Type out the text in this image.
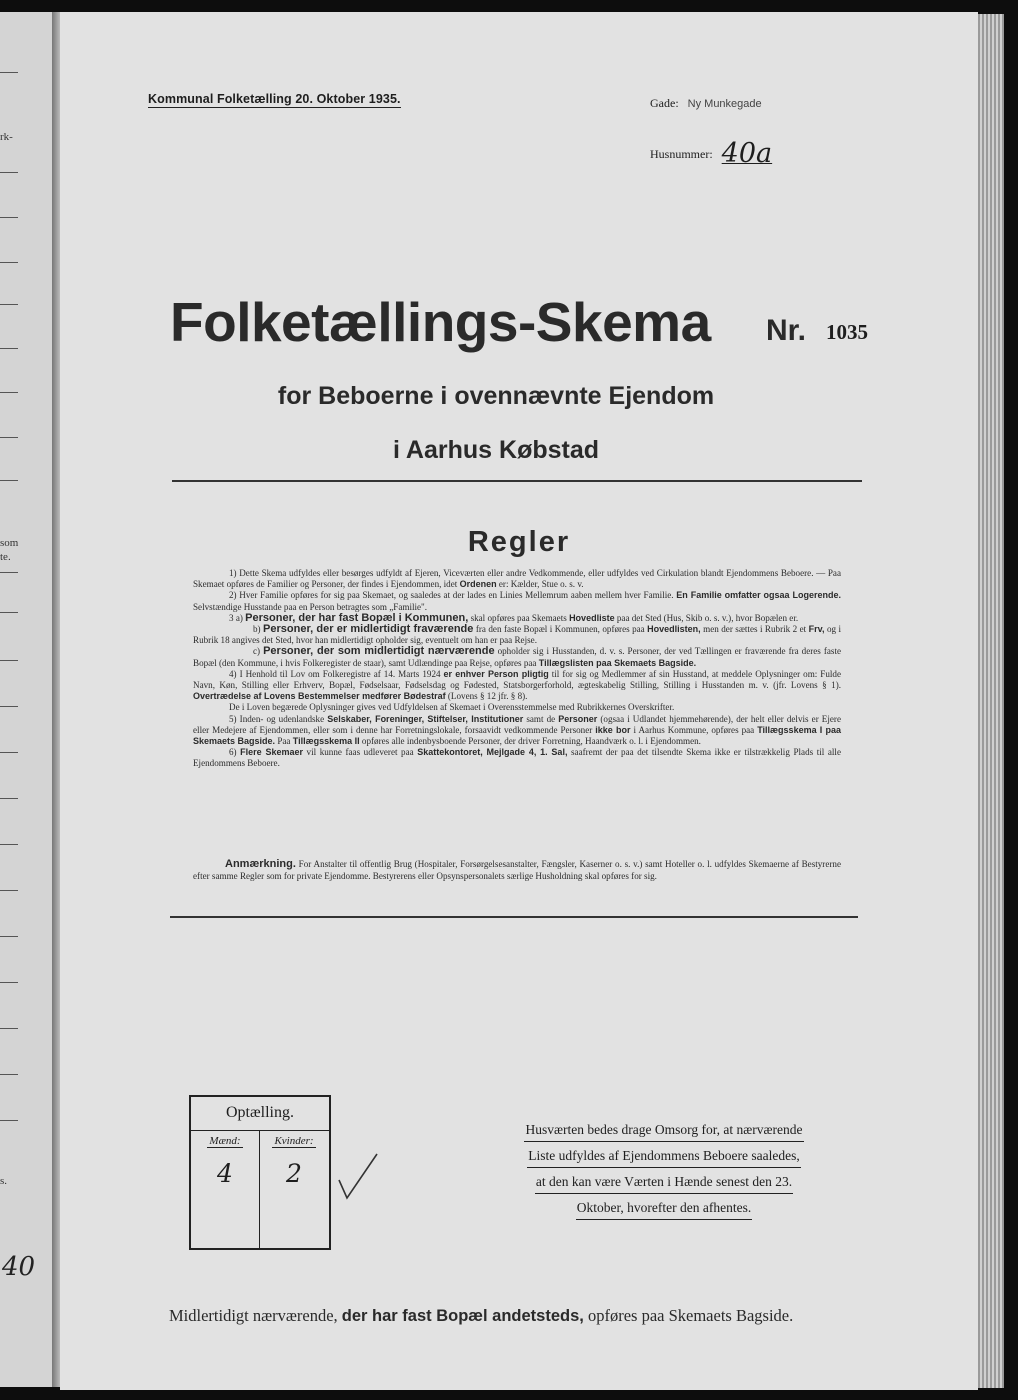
rk-
som
te.
s.
40
Kommunal Folketælling 20. Oktober 1935.	Gade: Ny Munkegade
Husnummer: 40a
Folketællings-Skema Nr. 1035
for Beboerne i ovennævnte Ejendom
i Aarhus Købstad
Regler

1) Dette Skema udfyldes eller besørges udfyldt af Ejeren, Viceværten eller andre Vedkommende, eller udfyldes ved Cirkulation blandt Ejendommens Beboere. — Paa Skemaet opføres de Familier og Personer, der findes i Ejendommen, idet Ordenen er: Kælder, Stue o. s. v.

2) Hver Familie opføres for sig paa Skemaet, og saaledes at der lades en Linies Mellemrum aaben mellem hver Familie. En Familie omfatter ogsaa Logerende. Selvstændige Husstande paa en Person betragtes som „Familie".

3 a) Personer, der har fast Bopæl i Kommunen, skal opføres paa Skemaets Hovedliste paa det Sted (Hus, Skib o. s. v.), hvor Bopælen er.

b) Personer, der er midlertidigt fraværende fra den faste Bopæl i Kommunen, opføres paa Hovedlisten, men der sættes i Rubrik 2 et Frv, og i Rubrik 18 angives det Sted, hvor han midlertidigt opholder sig, eventuelt om han er paa Rejse.

c) Personer, der som midlertidigt nærværende opholder sig i Husstanden, d. v. s. Personer, der ved Tællingen er fraværende fra deres faste Bopæl (den Kommune, i hvis Folkeregister de staar), samt Udlændinge paa Rejse, opføres paa Tillægslisten paa Skemaets Bagside.

4) I Henhold til Lov om Folkeregistre af 14. Marts 1924 er enhver Person pligtig til for sig og Medlemmer af sin Husstand, at meddele Oplysninger om: Fulde Navn, Køn, Stilling eller Erhverv, Bopæl, Fødselsaar, Fødselsdag og Fødested, Statsborgerforhold, ægteskabelig Stilling, Stilling i Husstanden m. v. (jfr. Lovens § 1). Overtrædelse af Lovens Bestemmelser medfører Bødestraf (Lovens § 12 jfr. § 8).

De i Loven begærede Oplysninger gives ved Udfyldelsen af Skemaet i Overensstemmelse med Rubrikkernes Overskrifter.

5) Inden- og udenlandske Selskaber, Foreninger, Stiftelser, Institutioner samt de Personer (ogsaa i Udlandet hjemmehørende), der helt eller delvis er Ejere eller Medejere af Ejendommen, eller som i denne har Forretningslokale, forsaavidt vedkommende Personer ikke bor i Aarhus Kommune, opføres paa Tillægsskema I paa Skemaets Bagside. Paa Tillægsskema II opføres alle indenbysboende Personer, der driver Forretning, Haandværk o. l. i Ejendommen.

6) Flere Skemaer vil kunne faas udleveret paa Skattekontoret, Mejlgade 4, 1. Sal, saafremt der paa det tilsendte Skema ikke er tilstrækkelig Plads til alle Ejendommens Beboere.

Anmærkning. For Anstalter til offentlig Brug (Hospitaler, Forsørgelsesanstalter, Fængsler, Kaserner o. s. v.) samt Hoteller o. l. udfyldes Skemaerne af Bestyrerne efter samme Regler som for private Ejendomme. Bestyrerens eller Opsynspersonalets særlige Husholdning skal opføres for sig.
Optælling.
Mænd:
4
Kvinder:
2
Husværten bedes drage Omsorg for, at nærværende Liste udfyldes af Ejendommens Beboere saaledes, at den kan være Værten i Hænde senest den 23. Oktober, hvorefter den afhentes.
Midlertidigt nærværende, der har fast Bopæl andetsteds, opføres paa Skemaets Bagside.
